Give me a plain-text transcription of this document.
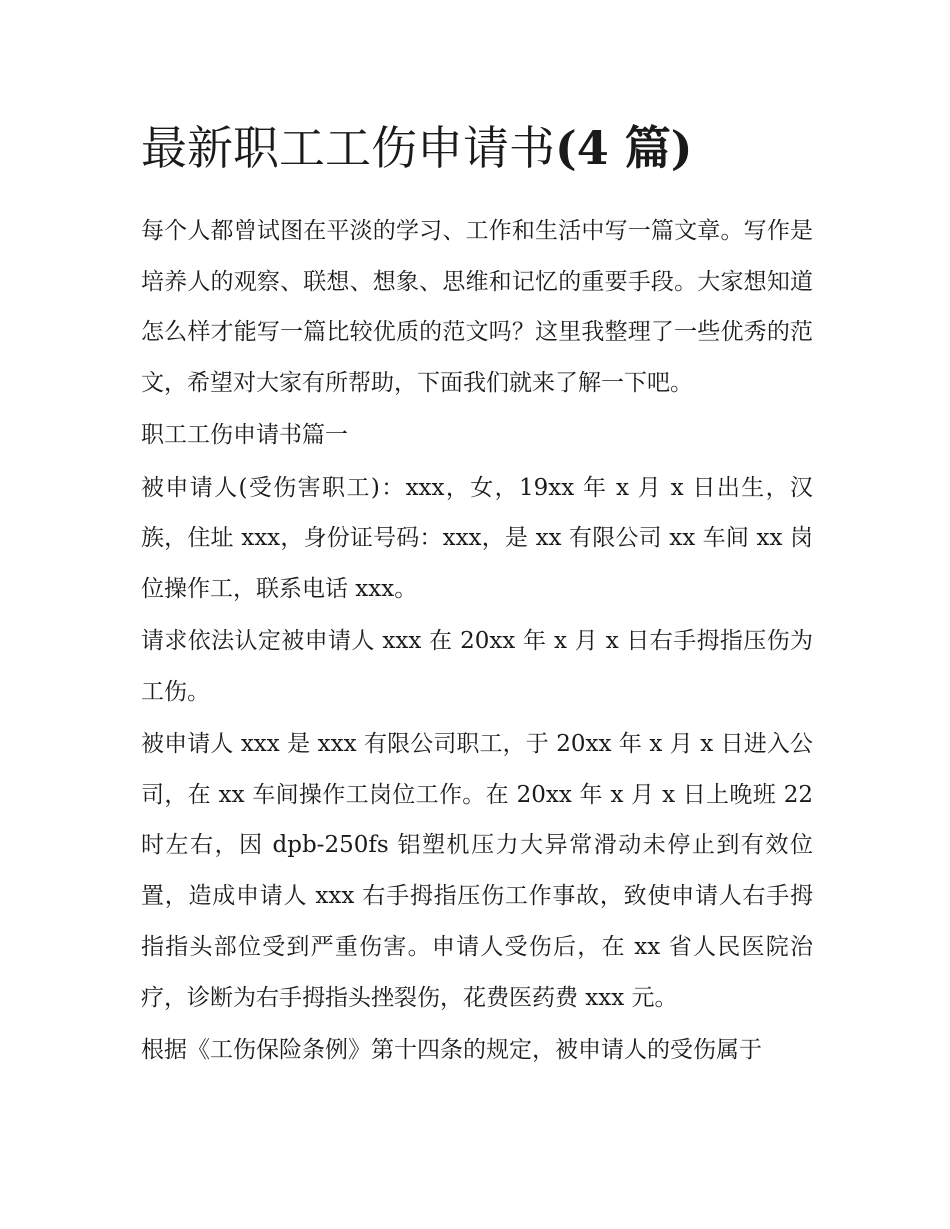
最新职工工伤申请书(4 篇)

每个人都曾试图在平淡的学习、工作和生活中写一篇文章。写作是培养人的观察、联想、想象、思维和记忆的重要手段。大家想知道怎么样才能写一篇比较优质的范文吗？这里我整理了一些优秀的范文，希望对大家有所帮助，下面我们就来了解一下吧。

职工工伤申请书篇一

被申请人(受伤害职工)：xxx，女，19xx 年 x 月 x 日出生，汉族，住址 xxx，身份证号码：xxx，是 xx 有限公司 xx 车间 xx 岗位操作工，联系电话 xxx。

请求依法认定被申请人 xxx 在 20xx 年 x 月 x 日右手拇指压伤为工伤。

被申请人 xxx 是 xxx 有限公司职工，于 20xx 年 x 月 x 日进入公司，在 xx 车间操作工岗位工作。在 20xx 年 x 月 x 日上晚班 22 时左右，因 dpb-250fs 铝塑机压力大异常滑动未停止到有效位置，造成申请人 xxx 右手拇指压伤工作事故，致使申请人右手拇指指头部位受到严重伤害。申请人受伤后，在 xx 省人民医院治疗，诊断为右手拇指头挫裂伤，花费医药费 xxx 元。

根据《工伤保险条例》第十四条的规定，被申请人的受伤属于
